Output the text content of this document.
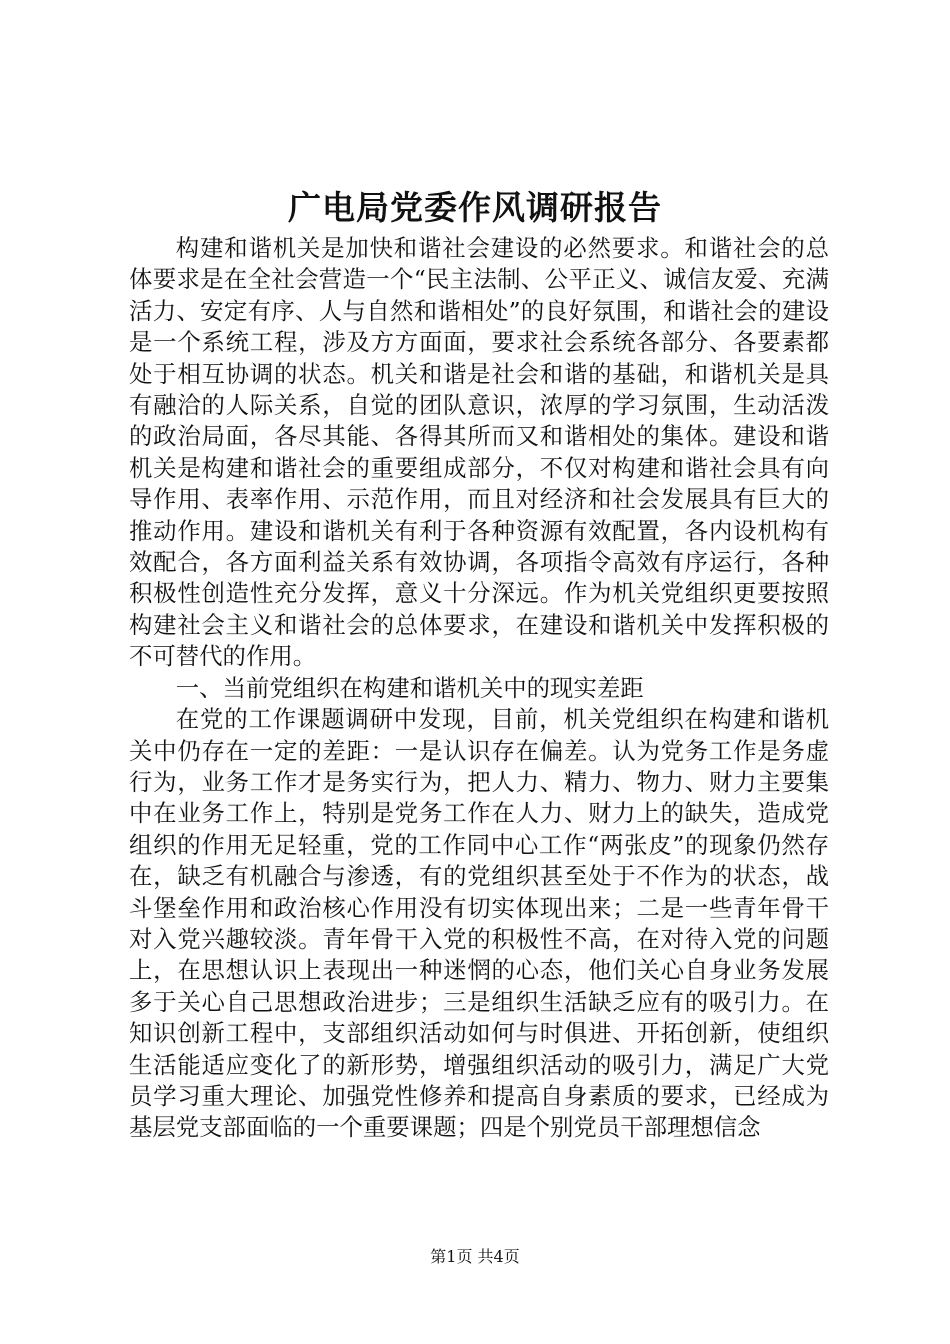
广电局党委作风调研报告

构建和谐机关是加快和谐社会建设的必然要求。和谐社会的总体要求是在全社会营造一个“民主法制、公平正义、诚信友爱、充满活力、安定有序、人与自然和谐相处”的良好氛围，和谐社会的建设是一个系统工程，涉及方方面面，要求社会系统各部分、各要素都处于相互协调的状态。机关和谐是社会和谐的基础，和谐机关是具有融洽的人际关系，自觉的团队意识，浓厚的学习氛围，生动活泼的政治局面，各尽其能、各得其所而又和谐相处的集体。建设和谐机关是构建和谐社会的重要组成部分，不仅对构建和谐社会具有向导作用、表率作用、示范作用，而且对经济和社会发展具有巨大的推动作用。建设和谐机关有利于各种资源有效配置，各内设机构有效配合，各方面利益关系有效协调，各项指令高效有序运行，各种积极性创造性充分发挥，意义十分深远。作为机关党组织更要按照构建社会主义和谐社会的总体要求，在建设和谐机关中发挥积极的不可替代的作用。

一、当前党组织在构建和谐机关中的现实差距

在党的工作课题调研中发现，目前，机关党组织在构建和谐机关中仍存在一定的差距：一是认识存在偏差。认为党务工作是务虚行为，业务工作才是务实行为，把人力、精力、物力、财力主要集中在业务工作上，特别是党务工作在人力、财力上的缺失，造成党组织的作用无足轻重，党的工作同中心工作“两张皮”的现象仍然存在，缺乏有机融合与渗透，有的党组织甚至处于不作为的状态，战斗堡垒作用和政治核心作用没有切实体现出来；二是一些青年骨干对入党兴趣较淡。青年骨干入党的积极性不高，在对待入党的问题上，在思想认识上表现出一种迷惘的心态，他们关心自身业务发展多于关心自己思想政治进步；三是组织生活缺乏应有的吸引力。在知识创新工程中，支部组织活动如何与时俱进、开拓创新，使组织生活能适应变化了的新形势，增强组织活动的吸引力，满足广大党员学习重大理论、加强党性修养和提高自身素质的要求，已经成为基层党支部面临的一个重要课题；四是个别党员干部理想信念

第1页 共4页
